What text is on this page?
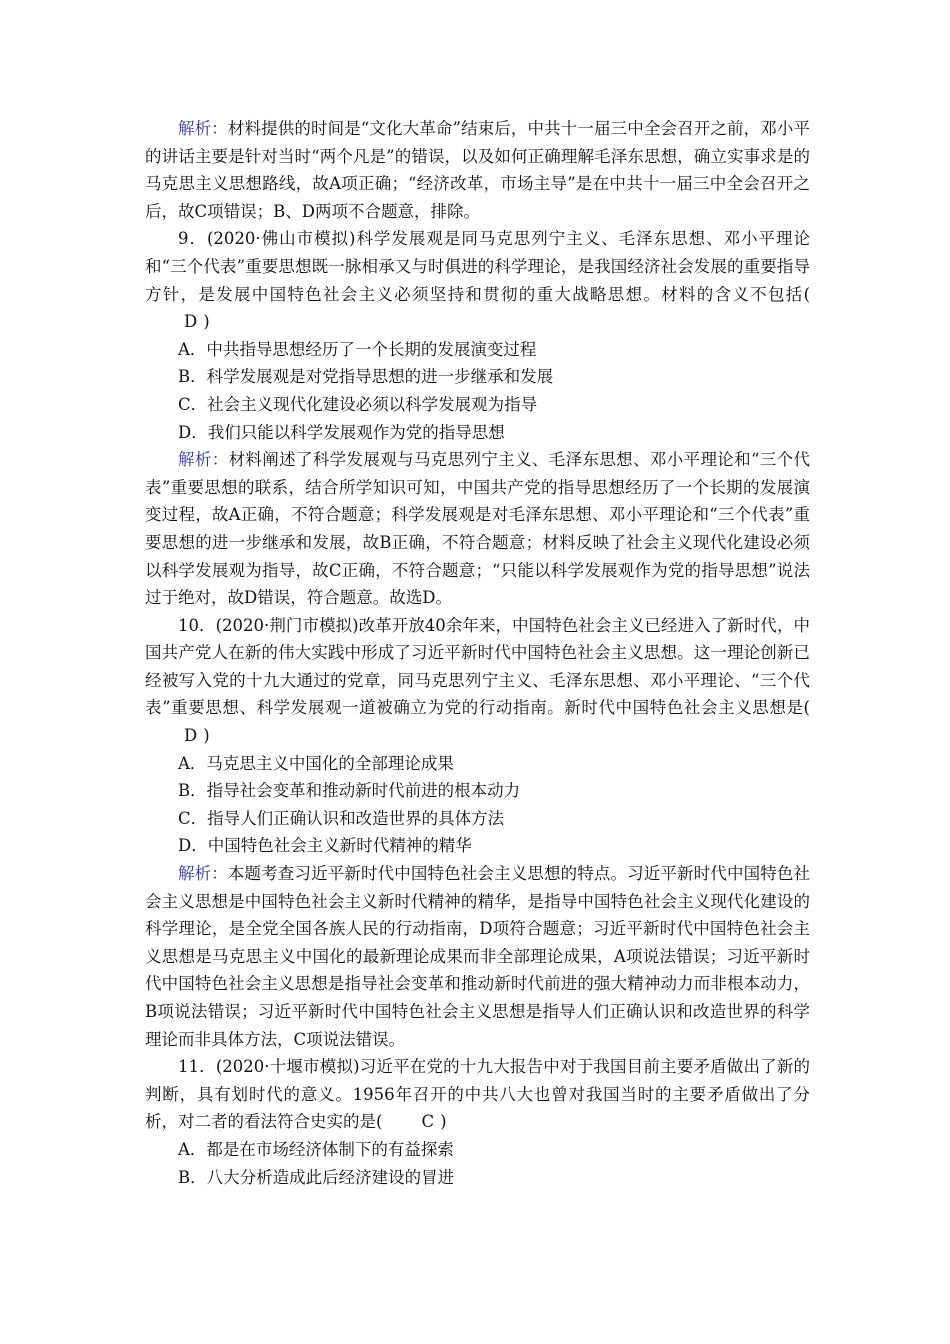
解析：材料提供的时间是“文化大革命”结束后，中共十一届三中全会召开之前，邓小平的讲话主要是针对当时“两个凡是”的错误，以及如何正确理解毛泽东思想，确立实事求是的马克思主义思想路线，故A项正确；“经济改革，市场主导”是在中共十一届三中全会召开之后，故C项错误；B、D两项不合题意，排除。

9．(2020·佛山市模拟)科学发展观是同马克思列宁主义、毛泽东思想、邓小平理论和“三个代表”重要思想既一脉相承又与时俱进的科学理论，是我国经济社会发展的重要指导方针，是发展中国特色社会主义必须坚持和贯彻的重大战略思想。材料的含义不包括(D )

A．中共指导思想经历了一个长期的发展演变过程

B．科学发展观是对党指导思想的进一步继承和发展

C．社会主义现代化建设必须以科学发展观为指导

D．我们只能以科学发展观作为党的指导思想

解析：材料阐述了科学发展观与马克思列宁主义、毛泽东思想、邓小平理论和“三个代表”重要思想的联系，结合所学知识可知，中国共产党的指导思想经历了一个长期的发展演变过程，故A正确，不符合题意；科学发展观是对毛泽东思想、邓小平理论和“三个代表”重要思想的进一步继承和发展，故B正确，不符合题意；材料反映了社会主义现代化建设必须以科学发展观为指导，故C正确，不符合题意；“只能以科学发展观作为党的指导思想”说法过于绝对，故D错误，符合题意。故选D。

10．(2020·荆门市模拟)改革开放40余年来，中国特色社会主义已经进入了新时代，中国共产党人在新的伟大实践中形成了习近平新时代中国特色社会主义思想。这一理论创新已经被写入党的十九大通过的党章，同马克思列宁主义、毛泽东思想、邓小平理论、“三个代表”重要思想、科学发展观一道被确立为党的行动指南。新时代中国特色社会主义思想是(D )

A．马克思主义中国化的全部理论成果

B．指导社会变革和推动新时代前进的根本动力

C．指导人们正确认识和改造世界的具体方法

D．中国特色社会主义新时代精神的精华

解析：本题考查习近平新时代中国特色社会主义思想的特点。习近平新时代中国特色社会主义思想是中国特色社会主义新时代精神的精华，是指导中国特色社会主义现代化建设的科学理论，是全党全国各族人民的行动指南，D项符合题意；习近平新时代中国特色社会主义思想是马克思主义中国化的最新理论成果而非全部理论成果，A项说法错误；习近平新时代中国特色社会主义思想是指导社会变革和推动新时代前进的强大精神动力而非根本动力，B项说法错误；习近平新时代中国特色社会主义思想是指导人们正确认识和改造世界的科学理论而非具体方法，C项说法错误。

11．(2020·十堰市模拟)习近平在党的十九大报告中对于我国目前主要矛盾做出了新的判断，具有划时代的意义。1956年召开的中共八大也曾对我国当时的主要矛盾做出了分析，对二者的看法符合史实的是( C )

A．都是在市场经济体制下的有益探索

B．八大分析造成此后经济建设的冒进
